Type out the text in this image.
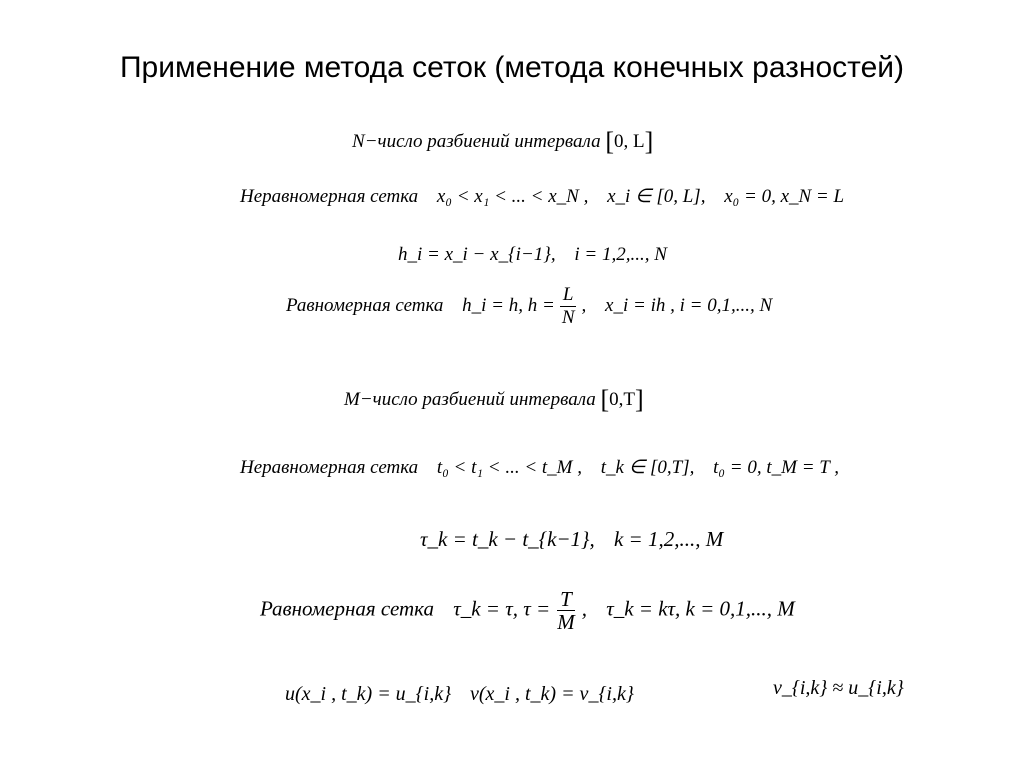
Применение метода сеток (метода конечных разностей)
N−число разбиений интервала [0, L]
Неравномерная сетка x₀ < x₁ < ... < x_N , x_i ∈ [0, L], x₀ = 0, x_N = L
h_i = x_i − x_{i−1}, i = 1,2,..., N
Равномерная сетка h_i = h, $h = \frac{L}{N}$ , x_i = ih , i = 0,1,..., N
M−число разбиений интервала [0,T]
Неравномерная сетка t₀ < t₁ < ... < t_M , t_k ∈ [0,T], t₀ = 0, t_M = T ,
τ_k = t_k − t_{k−1}, k = 1,2,..., M
Равномерная сетка τ_k = τ, $\tau = \frac{T}{M}$ , τ_k = kτ, k = 0,1,..., M
u(x_i , t_k) = u_{i,k} v(x_i , t_k) = v_{i,k}	v_{i,k} ≈ u_{i,k}
